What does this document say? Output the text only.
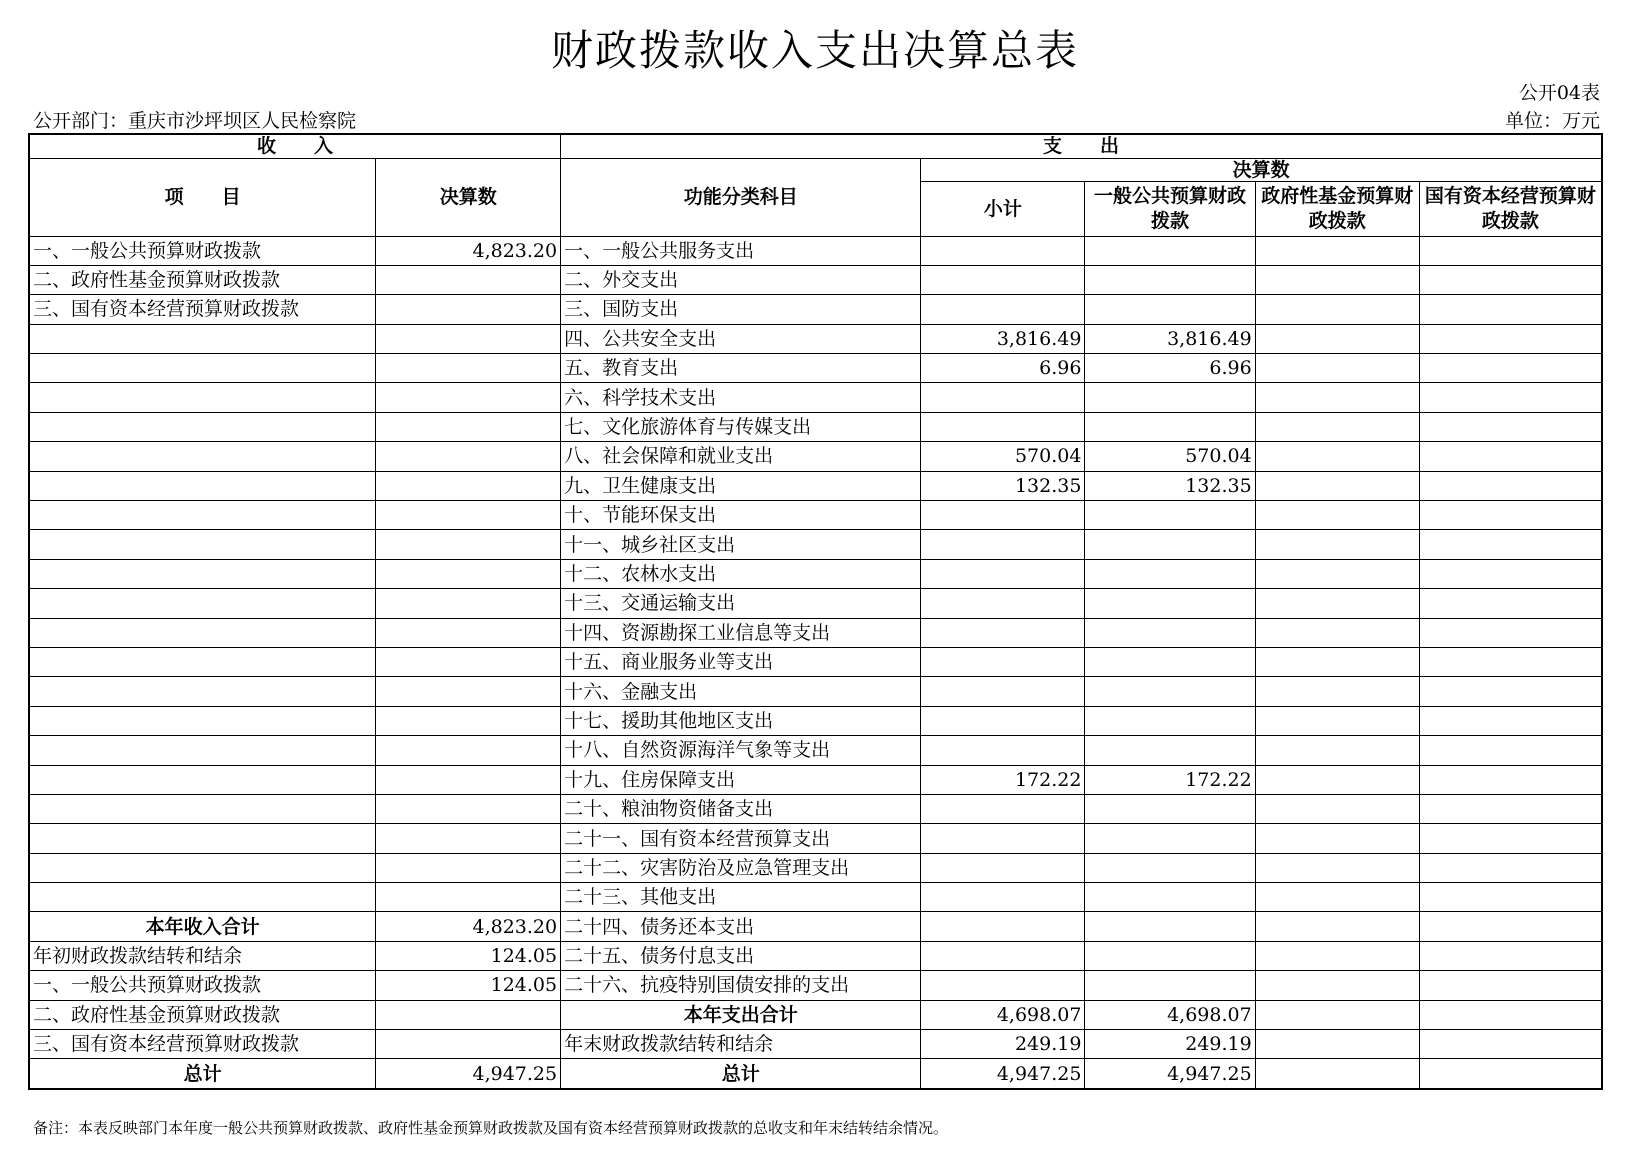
财政拨款收入支出决算总表
公开04表
公开部门：重庆市沙坪坝区人民检察院	单位：万元
收　　入		支　　出				
项　　目	决算数	功能分类科目	决算数			
			小计	一般公共预算财政拨款	政府性基金预算财政拨款	国有资本经营预算财政拨款
一、一般公共预算财政拨款	4,823.20	一、一般公共服务支出				
二、政府性基金预算财政拨款		二、外交支出				
三、国有资本经营预算财政拨款		三、国防支出				
		四、公共安全支出	3,816.49	3,816.49		
		五、教育支出	6.96	6.96		
		六、科学技术支出				
		七、文化旅游体育与传媒支出				
		八、社会保障和就业支出	570.04	570.04		
		九、卫生健康支出	132.35	132.35		
		十、节能环保支出				
		十一、城乡社区支出				
		十二、农林水支出				
		十三、交通运输支出				
		十四、资源勘探工业信息等支出				
		十五、商业服务业等支出				
		十六、金融支出				
		十七、援助其他地区支出				
		十八、自然资源海洋气象等支出				
		十九、住房保障支出	172.22	172.22		
		二十、粮油物资储备支出				
		二十一、国有资本经营预算支出				
		二十二、灾害防治及应急管理支出				
		二十三、其他支出				
本年收入合计	4,823.20	二十四、债务还本支出				
年初财政拨款结转和结余	124.05	二十五、债务付息支出				
一、一般公共预算财政拨款	124.05	二十六、抗疫特别国债安排的支出				
二、政府性基金预算财政拨款		本年支出合计	4,698.07	4,698.07		
三、国有资本经营预算财政拨款		年末财政拨款结转和结余	249.19	249.19		
总计	4,947.25	总计	4,947.25	4,947.25		
备注：本表反映部门本年度一般公共预算财政拨款、政府性基金预算财政拨款及国有资本经营预算财政拨款的总收支和年末结转结余情况。
